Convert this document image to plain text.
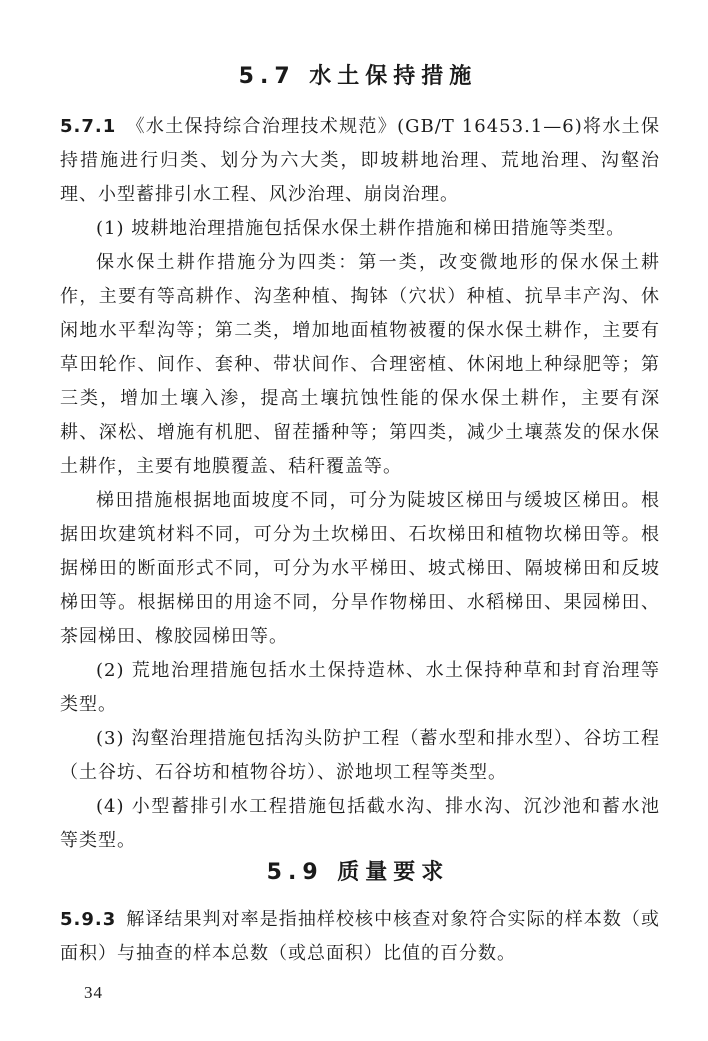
5.7 水土保持措施

5.7.1 《水土保持综合治理技术规范》(GB/T 16453.1—6)将水土保持措施进行归类、划分为六大类，即坡耕地治理、荒地治理、沟壑治理、小型蓄排引水工程、风沙治理、崩岗治理。

(1) 坡耕地治理措施包括保水保土耕作措施和梯田措施等类型。

保水保土耕作措施分为四类：第一类，改变微地形的保水保土耕作，主要有等高耕作、沟垄种植、掏钵（穴状）种植、抗旱丰产沟、休闲地水平犁沟等；第二类，增加地面植物被覆的保水保土耕作，主要有草田轮作、间作、套种、带状间作、合理密植、休闲地上种绿肥等；第三类，增加土壤入渗，提高土壤抗蚀性能的保水保土耕作，主要有深耕、深松、增施有机肥、留茬播种等；第四类，减少土壤蒸发的保水保土耕作，主要有地膜覆盖、秸秆覆盖等。

梯田措施根据地面坡度不同，可分为陡坡区梯田与缓坡区梯田。根据田坎建筑材料不同，可分为土坎梯田、石坎梯田和植物坎梯田等。根据梯田的断面形式不同，可分为水平梯田、坡式梯田、隔坡梯田和反坡梯田等。根据梯田的用途不同，分旱作物梯田、水稻梯田、果园梯田、茶园梯田、橡胶园梯田等。

(2) 荒地治理措施包括水土保持造林、水土保持种草和封育治理等类型。

(3) 沟壑治理措施包括沟头防护工程（蓄水型和排水型）、谷坊工程（土谷坊、石谷坊和植物谷坊）、淤地坝工程等类型。

(4) 小型蓄排引水工程措施包括截水沟、排水沟、沉沙池和蓄水池等类型。

5.9 质量要求

5.9.3 解译结果判对率是指抽样校核中核查对象符合实际的样本数（或面积）与抽查的样本总数（或总面积）比值的百分数。

34
